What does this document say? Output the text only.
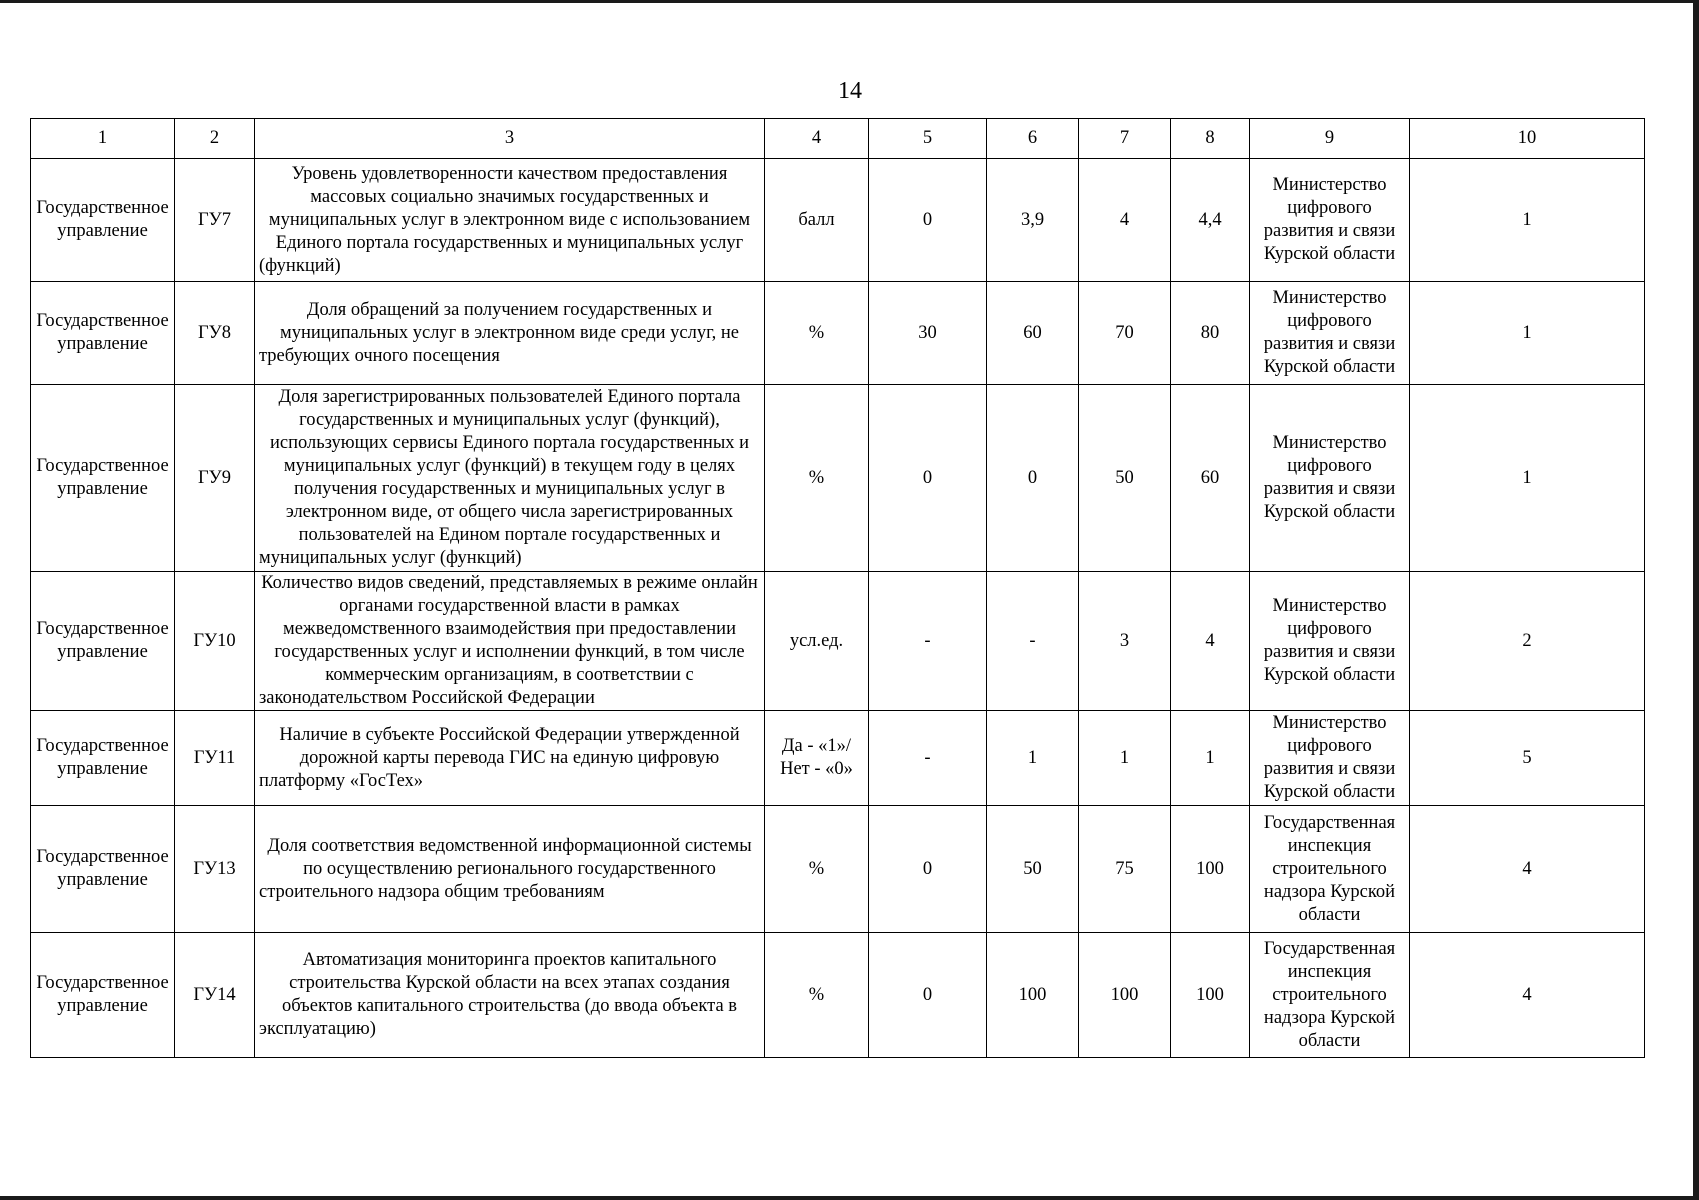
14
1	2	3	4	5	6	7	8	9	10
Государственное управление	ГУ7	Уровень удовлетворенности качеством предоставления массовых социально значимых государственных и муниципальных услуг в электронном виде с использованием Единого портала государственных и муниципальных услуг (функций)	балл	0	3,9	4	4,4	Министерство цифрового развития и связи Курской области	1
Государственное управление	ГУ8	Доля обращений за получением государственных и муниципальных услуг в электронном виде среди услуг, не требующих очного посещения	%	30	60	70	80	Министерство цифрового развития и связи Курской области	1
Государственное управление	ГУ9	Доля зарегистрированных пользователей Единого портала государственных и муниципальных услуг (функций), использующих сервисы Единого портала государственных и муниципальных услуг (функций) в текущем году в целях получения государственных и муниципальных услуг в электронном виде, от общего числа зарегистрированных пользователей на Едином портале государственных и муниципальных услуг (функций)	%	0	0	50	60	Министерство цифрового развития и связи Курской области	1
Государственное управление	ГУ10	Количество видов сведений, представляемых в режиме онлайн органами государственной власти в рамках межведомственного взаимодействия при предоставлении государственных услуг и исполнении функций, в том числе коммерческим организациям, в соответствии с законодательством Российской Федерации	усл.ед.	-	-	3	4	Министерство цифрового развития и связи Курской области	2
Государственное управление	ГУ11	Наличие в субъекте Российской Федерации утвержденной дорожной карты перевода ГИС на единую цифровую платформу «ГосТех»	Да - «1»/ Нет - «0»	-	1	1	1	Министерство цифрового развития и связи Курской области	5
Государственное управление	ГУ13	Доля соответствия ведомственной информационной системы по осуществлению регионального государственного строительного надзора общим требованиям	%	0	50	75	100	Государственная инспекция строительного надзора Курской области	4
Государственное управление	ГУ14	Автоматизация мониторинга проектов капитального строительства Курской области на всех этапах создания объектов капитального строительства (до ввода объекта в эксплуатацию)	%	0	100	100	100	Государственная инспекция строительного надзора Курской области	4
